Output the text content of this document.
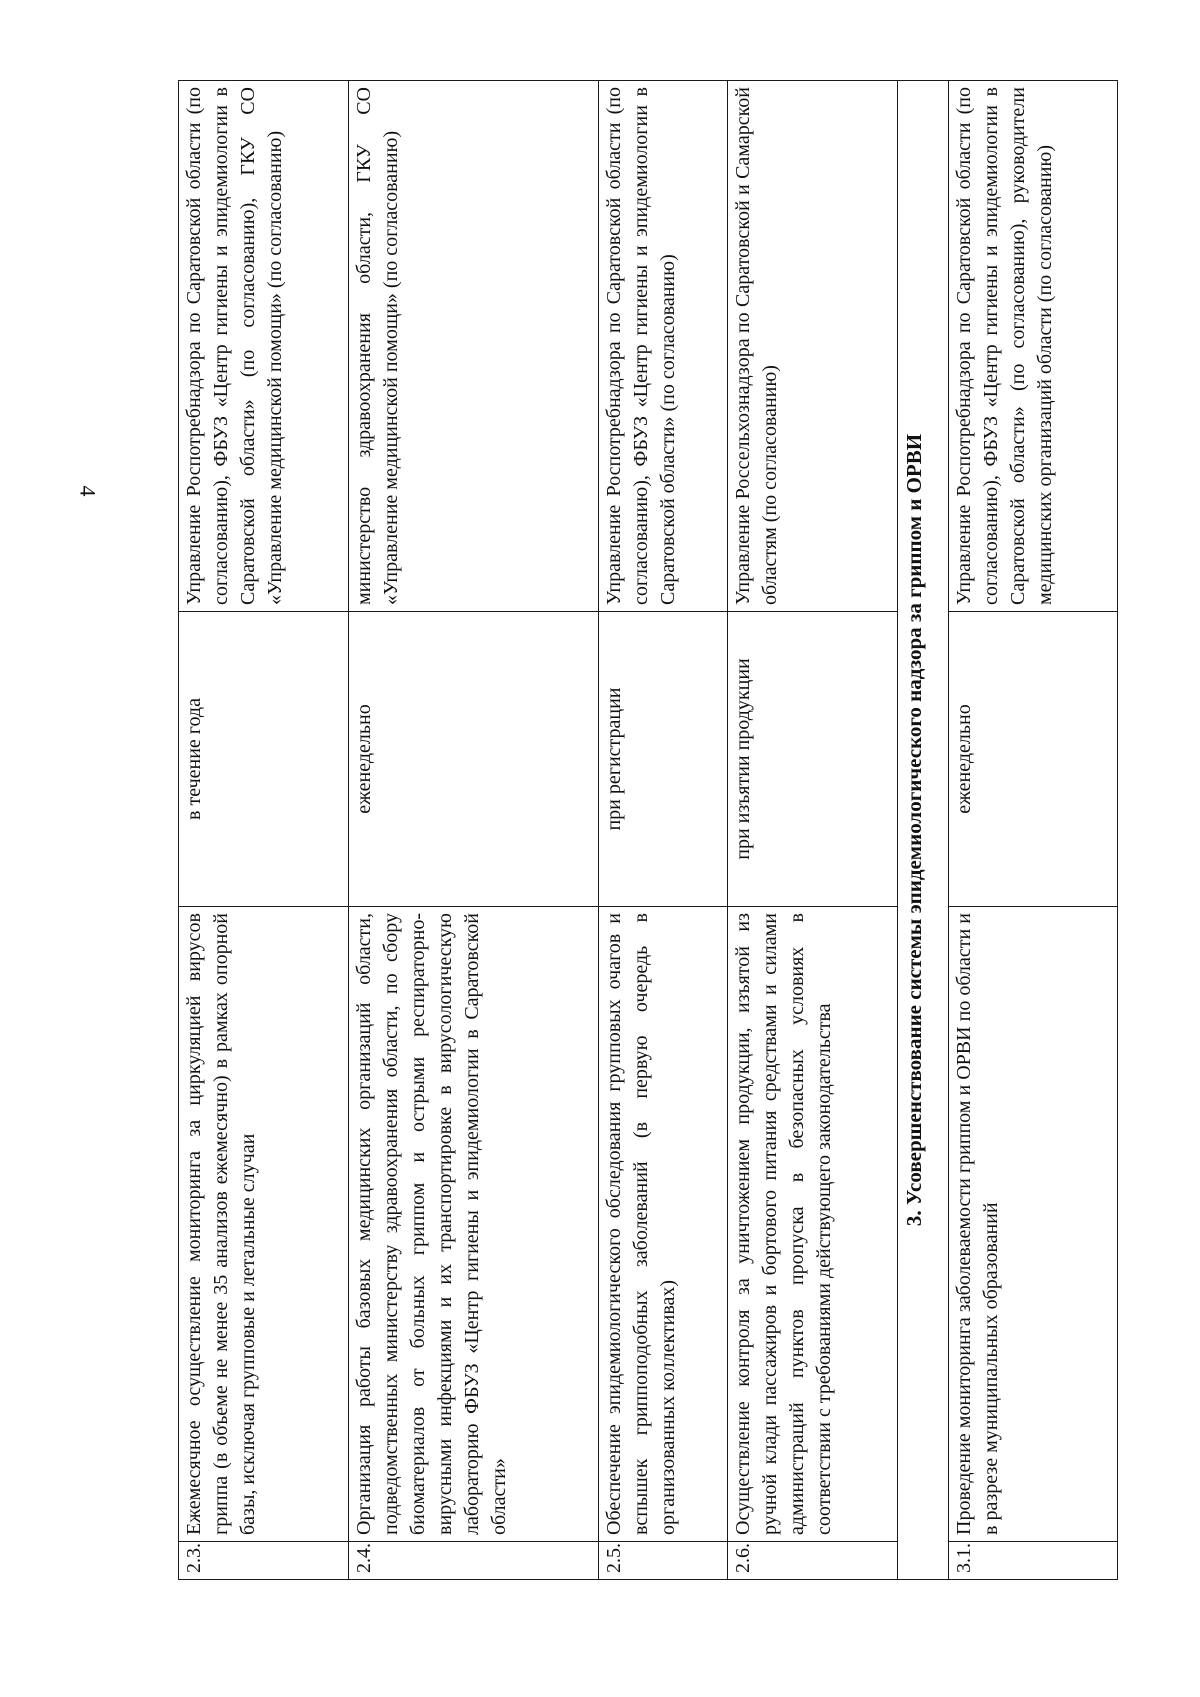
4
2.3.	Ежемесячное осуществление мониторинга за циркуляцией вирусов гриппа (в объеме не менее 35 анализов ежемесячно) в рамках опорной базы, исключая групповые и летальные случаи	в течение года	Управление Роспотребнадзора по Саратовской области (по согласованию), ФБУЗ «Центр гигиены и эпидемиологии в Саратовской области» (по согласованию), ГКУ СО «Управление медицинской помощи» (по согласованию)
2.4.	Организация работы базовых медицинских организаций области, подведомственных министерству здравоохранения области, по сбору биоматериалов от больных гриппом и острыми респираторно-вирусными инфекциями и их транспортировке в вирусологическую лабораторию ФБУЗ «Центр гигиены и эпидемиологии в Саратовской области»	еженедельно	министерство здравоохранения области, ГКУ СО «Управление медицинской помощи» (по согласованию)
2.5.	Обеспечение эпидемиологического обследования групповых очагов и вспышек гриппоподобных заболеваний (в первую очередь в организованных коллективах)	при регистрации	Управление Роспотребнадзора по Саратовской области (по согласованию), ФБУЗ «Центр гигиены и эпидемиологии в Саратовской области» (по согласованию)
2.6.	Осуществление контроля за уничтожением продукции, изъятой из ручной клади пассажиров и бортового питания средствами и силами администраций пунктов пропуска в безопасных условиях в соответствии с требованиями действующего законодательства	при изъятии продукции	Управление Россельхознадзора по Саратовской и Самарской областям (по согласованию)
3. Усовершенствование системы эпидемиологического надзора за гриппом и ОРВИ			
3.1.	Проведение мониторинга заболеваемости гриппом и ОРВИ по области и в разрезе муниципальных образований	еженедельно	Управление Роспотребнадзора по Саратовской области (по согласованию), ФБУЗ «Центр гигиены и эпидемиологии в Саратовской области» (по согласованию), руководители медицинских организаций области (по согласованию)
